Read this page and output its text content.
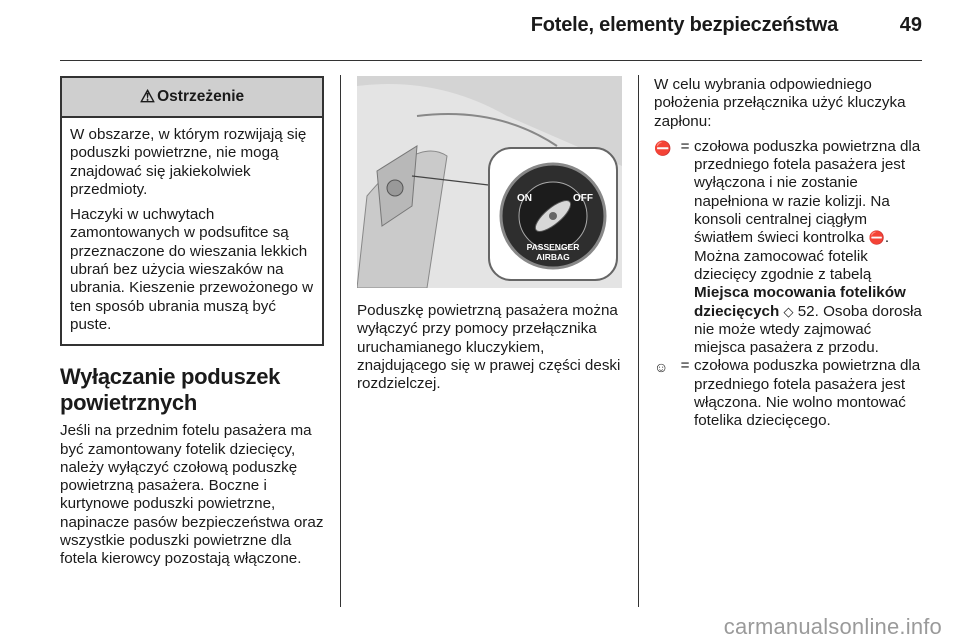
Fotele, elementy bezpieczeństwa	49
⚠ Ostrzeżenie

W obszarze, w którym rozwijają się poduszki powietrzne, nie mogą znajdować się jakiekolwiek przedmioty.

Haczyki w uchwytach zamontowanych w podsufitce są przeznaczone do wieszania lekkich ubrań bez użycia wieszaków na ubrania. Kieszenie przewożonego w ten sposób ubrania muszą być puste.

Wyłączanie poduszek powietrznych

Jeśli na przednim fotelu pasażera ma być zamontowany fotelik dziecięcy, należy wyłączyć czołową poduszkę powietrzną pasażera. Boczne i kurtynowe poduszki powietrzne, napinacze pasów bezpieczeństwa oraz wszystkie poduszki powietrzne dla fotela kierowcy pozostają włączone.

ON	OFF
PASSENGER
AIRBAG

Poduszkę powietrzną pasażera można wyłączyć przy pomocy przełącznika uruchamianego kluczykiem, znajdującego się w prawej części deski rozdzielczej.

W celu wybrania odpowiedniego położenia przełącznika użyć kluczyka zapłonu:

⛔ = czołowa poduszka powietrzna dla przedniego fotela pasażera jest wyłączona i nie zostanie napełniona w razie kolizji. Na konsoli centralnej ciągłym światłem świeci kontrolka ⛔. Można zamocować fotelik dziecięcy zgodnie z tabelą Miejsca mocowania fotelików dziecięcych ◇ 52. Osoba dorosła nie może wtedy zajmować miejsca pasażera z przodu.
☺ = czołowa poduszka powietrzna dla przedniego fotela pasażera jest włączona. Nie wolno montować fotelika dziecięcego.
carmanualsonline.info
